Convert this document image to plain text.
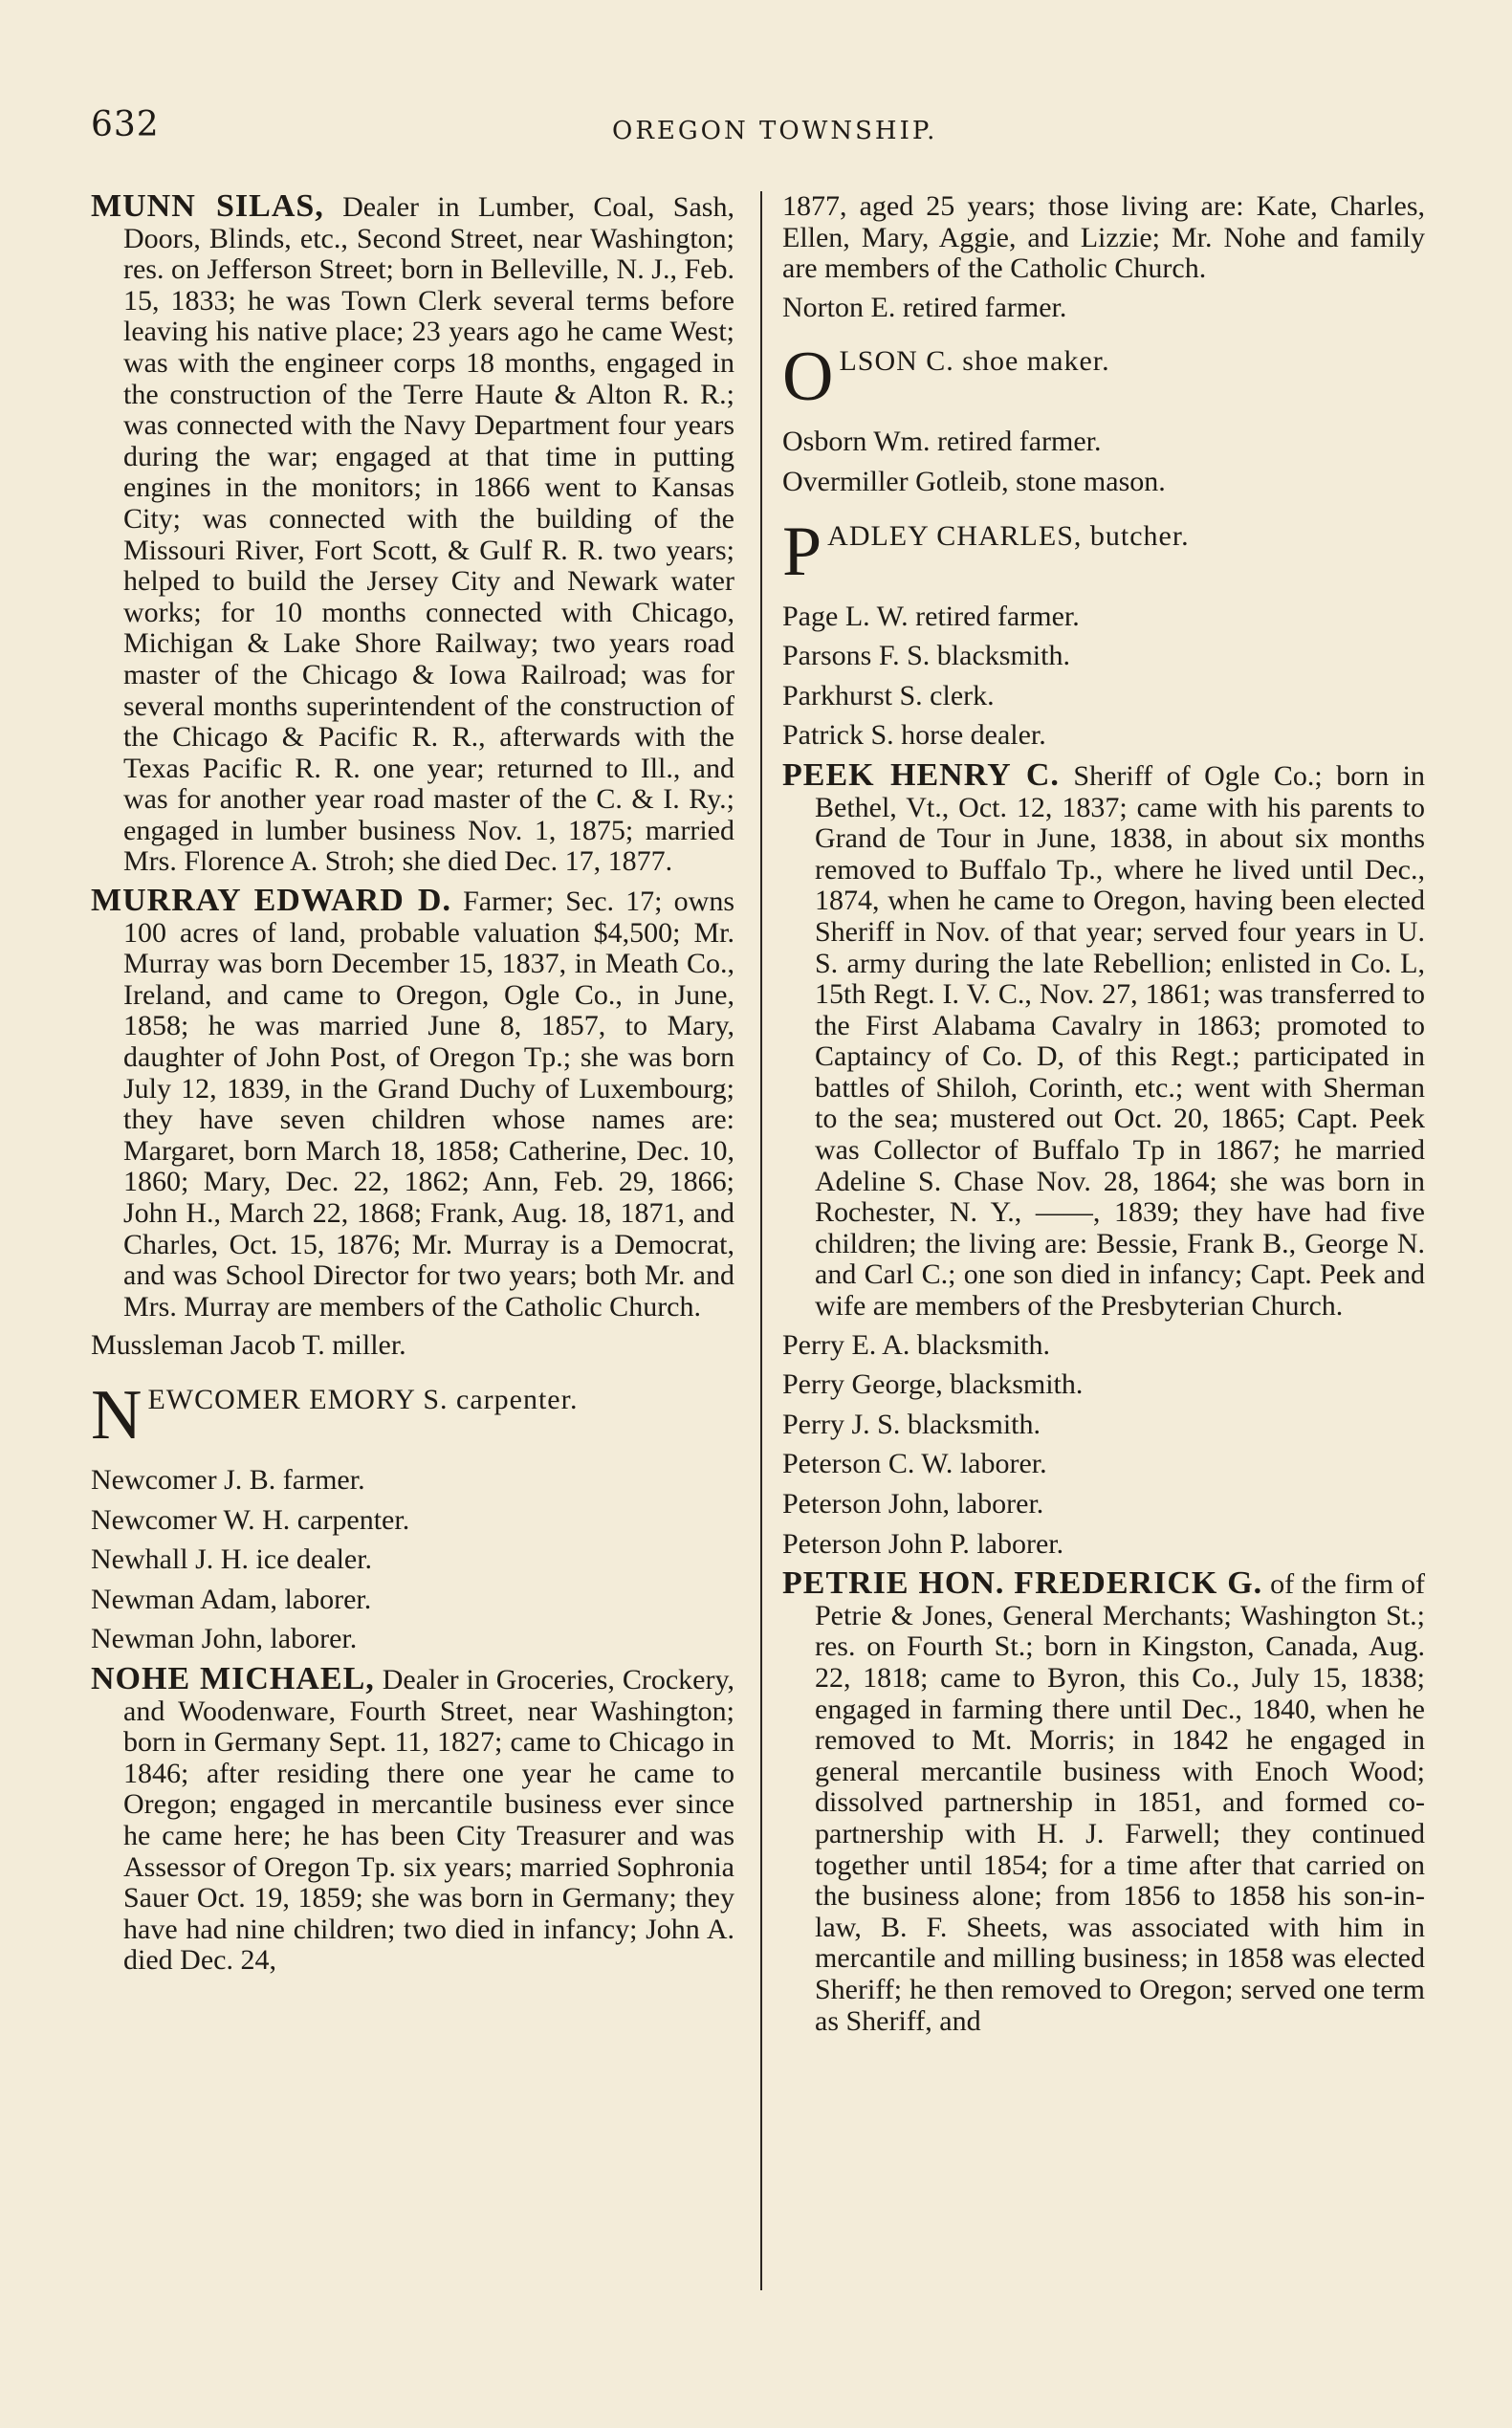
632	OREGON TOWNSHIP.

MUNN SILAS, Dealer in Lumber, Coal, Sash, Doors, Blinds, etc., Second Street, near Washington; res. on Jefferson Street; born in Belleville, N. J., Feb. 15, 1833; he was Town Clerk several terms before leaving his native place; 23 years ago he came West; was with the engineer corps 18 months, engaged in the construction of the Terre Haute & Alton R. R.; was connected with the Navy Department four years during the war; engaged at that time in putting engines in the monitors; in 1866 went to Kansas City; was connected with the building of the Missouri River, Fort Scott, & Gulf R. R. two years; helped to build the Jersey City and Newark water works; for 10 months connected with Chicago, Michigan & Lake Shore Railway; two years road master of the Chicago & Iowa Railroad; was for several months superintendent of the construction of the Chicago & Pacific R. R., afterwards with the Texas Pacific R. R. one year; returned to Ill., and was for another year road master of the C. & I. Ry.; engaged in lumber business Nov. 1, 1875; married Mrs. Florence A. Stroh; she died Dec. 17, 1877.

MURRAY EDWARD D. Farmer; Sec. 17; owns 100 acres of land, probable valuation $4,500; Mr. Murray was born December 15, 1837, in Meath Co., Ireland, and came to Oregon, Ogle Co., in June, 1858; he was married June 8, 1857, to Mary, daughter of John Post, of Oregon Tp.; she was born July 12, 1839, in the Grand Duchy of Luxembourg; they have seven children whose names are: Margaret, born March 18, 1858; Catherine, Dec. 10, 1860; Mary, Dec. 22, 1862; Ann, Feb. 29, 1866; John H., March 22, 1868; Frank, Aug. 18, 1871, and Charles, Oct. 15, 1876; Mr. Murray is a Democrat, and was School Director for two years; both Mr. and Mrs. Murray are members of the Catholic Church.

Mussleman Jacob T. miller.

N EWCOMER EMORY S. carpenter.

Newcomer J. B. farmer.

Newcomer W. H. carpenter.

Newhall J. H. ice dealer.

Newman Adam, laborer.

Newman John, laborer.

NOHE MICHAEL, Dealer in Groceries, Crockery, and Woodenware, Fourth Street, near Washington; born in Germany Sept. 11, 1827; came to Chicago in 1846; after residing there one year he came to Oregon; engaged in mercantile business ever since he came here; he has been City Treasurer and was Assessor of Oregon Tp. six years; married Sophronia Sauer Oct. 19, 1859; she was born in Germany; they have had nine children; two died in infancy; John A. died Dec. 24,

1877, aged 25 years; those living are: Kate, Charles, Ellen, Mary, Aggie, and Lizzie; Mr. Nohe and family are members of the Catholic Church.

Norton E. retired farmer.

O LSON C. shoe maker.

Osborn Wm. retired farmer.

Overmiller Gotleib, stone mason.

P ADLEY CHARLES, butcher.

Page L. W. retired farmer.

Parsons F. S. blacksmith.

Parkhurst S. clerk.

Patrick S. horse dealer.

PEEK HENRY C. Sheriff of Ogle Co.; born in Bethel, Vt., Oct. 12, 1837; came with his parents to Grand de Tour in June, 1838, in about six months removed to Buffalo Tp., where he lived until Dec., 1874, when he came to Oregon, having been elected Sheriff in Nov. of that year; served four years in U. S. army during the late Rebellion; enlisted in Co. L, 15th Regt. I. V. C., Nov. 27, 1861; was transferred to the First Alabama Cavalry in 1863; promoted to Captaincy of Co. D, of this Regt.; participated in battles of Shiloh, Corinth, etc.; went with Sherman to the sea; mustered out Oct. 20, 1865; Capt. Peek was Collector of Buffalo Tp in 1867; he married Adeline S. Chase Nov. 28, 1864; she was born in Rochester, N. Y., ——, 1839; they have had five children; the living are: Bessie, Frank B., George N. and Carl C.; one son died in infancy; Capt. Peek and wife are members of the Presbyterian Church.

Perry E. A. blacksmith.

Perry George, blacksmith.

Perry J. S. blacksmith.

Peterson C. W. laborer.

Peterson John, laborer.

Peterson John P. laborer.

PETRIE HON. FREDERICK G. of the firm of Petrie & Jones, General Merchants; Washington St.; res. on Fourth St.; born in Kingston, Canada, Aug. 22, 1818; came to Byron, this Co., July 15, 1838; engaged in farming there until Dec., 1840, when he removed to Mt. Morris; in 1842 he engaged in general mercantile business with Enoch Wood; dissolved partnership in 1851, and formed co-partnership with H. J. Farwell; they continued together until 1854; for a time after that carried on the business alone; from 1856 to 1858 his son-in-law, B. F. Sheets, was associated with him in mercantile and milling business; in 1858 was elected Sheriff; he then removed to Oregon; served one term as Sheriff, and
